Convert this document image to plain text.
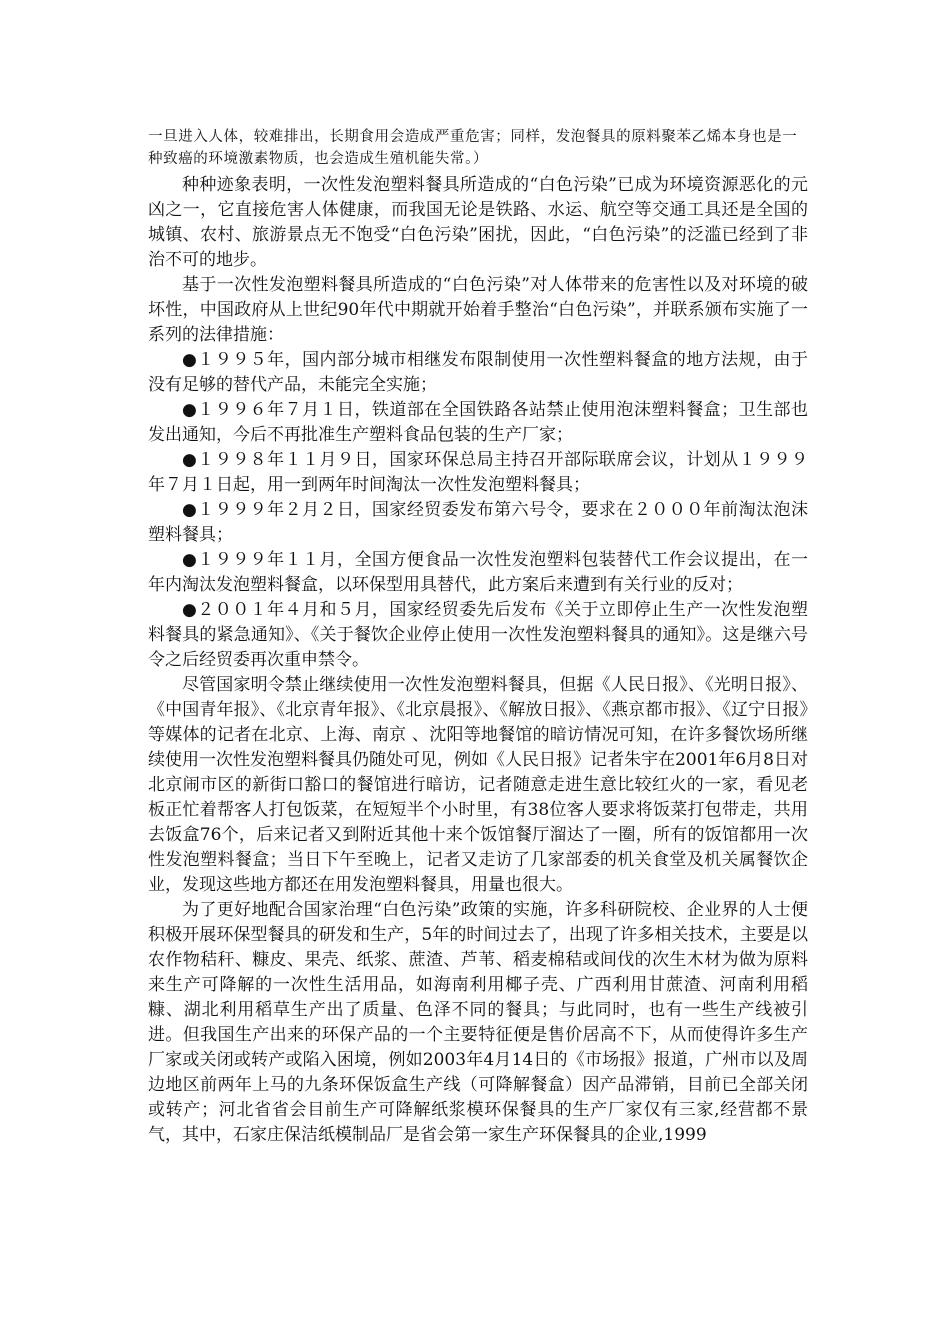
一旦进入人体，较难排出，长期食用会造成严重危害；同样，发泡餐具的原料聚苯乙烯本身也是一种致癌的环境激素物质，也会造成生殖机能失常。）

种种迹象表明，一次性发泡塑料餐具所造成的“白色污染”已成为环境资源恶化的元凶之一，它直接危害人体健康，而我国无论是铁路、水运、航空等交通工具还是全国的城镇、农村、旅游景点无不饱受“白色污染”困扰，因此，“白色污染”的泛滥已经到了非治不可的地步。

基于一次性发泡塑料餐具所造成的“白色污染”对人体带来的危害性以及对环境的破坏性，中国政府从上世纪90年代中期就开始着手整治“白色污染”，并联系颁布实施了一系列的法律措施：

●１９９５年，国内部分城市相继发布限制使用一次性塑料餐盒的地方法规，由于没有足够的替代产品，未能完全实施；

●１９９６年７月１日，铁道部在全国铁路各站禁止使用泡沫塑料餐盒；卫生部也发出通知，今后不再批准生产塑料食品包装的生产厂家；

●１９９８年１１月９日，国家环保总局主持召开部际联席会议，计划从１９９９年７月１日起，用一到两年时间淘汰一次性发泡塑料餐具；

●１９９９年２月２日，国家经贸委发布第六号令，要求在２０００年前淘汰泡沫塑料餐具；

●１９９９年１１月，全国方便食品一次性发泡塑料包装替代工作会议提出，在一年内淘汰发泡塑料餐盒，以环保型用具替代，此方案后来遭到有关行业的反对；

●２００１年４月和５月，国家经贸委先后发布《关于立即停止生产一次性发泡塑料餐具的紧急通知》、《关于餐饮企业停止使用一次性发泡塑料餐具的通知》。这是继六号令之后经贸委再次重申禁令。

尽管国家明令禁止继续使用一次性发泡塑料餐具，但据《人民日报》、《光明日报》、《中国青年报》、《北京青年报》、《北京晨报》、《解放日报》、《燕京都市报》、《辽宁日报》等媒体的记者在北京、上海、南京 、沈阳等地餐馆的暗访情况可知，在许多餐饮场所继续使用一次性发泡塑料餐具仍随处可见，例如《人民日报》记者朱宇在2001年6月8日对北京闹市区的新街口豁口的餐馆进行暗访，记者随意走进生意比较红火的一家，看见老板正忙着帮客人打包饭菜，在短短半个小时里，有38位客人要求将饭菜打包带走，共用去饭盒76个，后来记者又到附近其他十来个饭馆餐厅溜达了一圈，所有的饭馆都用一次性发泡塑料餐盒；当日下午至晚上，记者又走访了几家部委的机关食堂及机关属餐饮企业，发现这些地方都还在用发泡塑料餐具，用量也很大。

为了更好地配合国家治理“白色污染”政策的实施，许多科研院校、企业界的人士便积极开展环保型餐具的研发和生产，5年的时间过去了，出现了许多相关技术，主要是以农作物秸秆、糠皮、果壳、纸浆、蔗渣、芦苇、稻麦棉秸或间伐的次生木材为做为原料来生产可降解的一次性生活用品，如海南利用椰子壳、广西利用甘蔗渣、河南利用稻糠、湖北利用稻草生产出了质量、色泽不同的餐具；与此同时，也有一些生产线被引进。但我国生产出来的环保产品的一个主要特征便是售价居高不下，从而使得许多生产厂家或关闭或转产或陷入困境，例如2003年4月14日的《市场报》报道，广州市以及周边地区前两年上马的九条环保饭盒生产线（可降解餐盒）因产品滞销，目前已全部关闭或转产；河北省省会目前生产可降解纸浆模环保餐具的生产厂家仅有三家,经营都不景气，其中，石家庄保洁纸模制品厂是省会第一家生产环保餐具的企业,1999
